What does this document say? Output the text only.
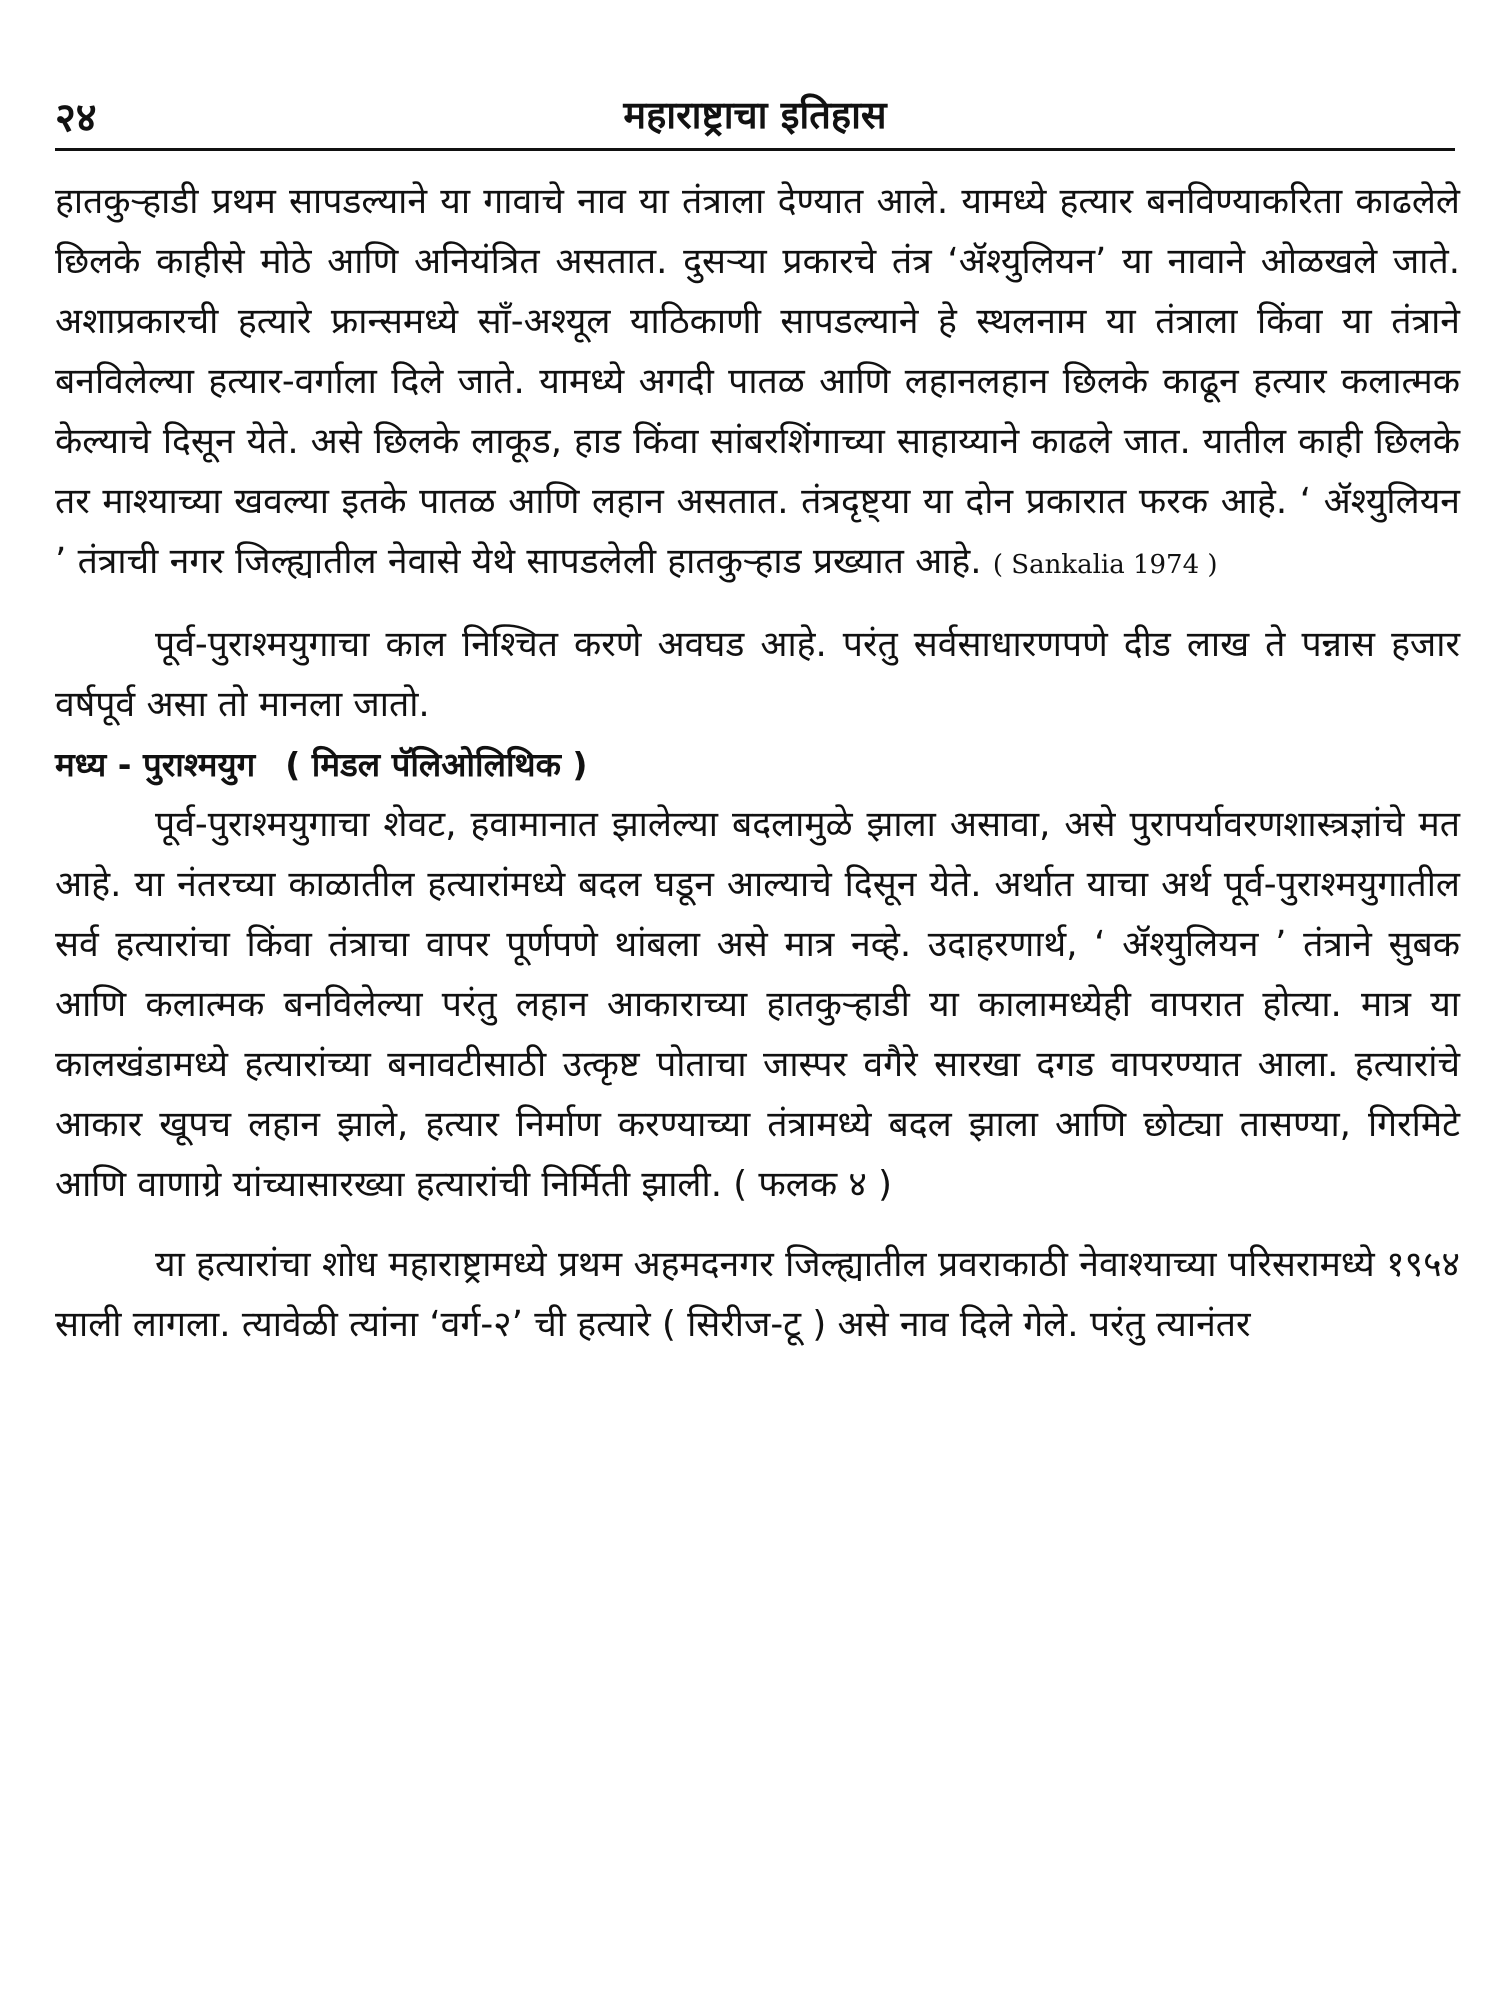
२४	महाराष्ट्राचा इतिहास

हातकुऱ्हाडी प्रथम सापडल्याने या गावाचे नाव या तंत्राला देण्यात आले. यामध्ये हत्यार बनविण्याकरिता काढलेले छिलके काहीसे मोठे आणि अनियंत्रित असतात. दुसऱ्या प्रकारचे तंत्र ‘ॲश्युलियन’ या नावाने ओळखले जाते. अशाप्रकारची हत्यारे फ्रान्समध्ये सॉं-अश्यूल याठिकाणी सापडल्याने हे स्थलनाम या तंत्राला किंवा या तंत्राने बनविलेल्या हत्यार-वर्गाला दिले जाते. यामध्ये अगदी पातळ आणि लहानलहान छिलके काढून हत्यार कलात्मक केल्याचे दिसून येते. असे छिलके लाकूड, हाड किंवा सांबरशिंगाच्या साहाय्याने काढले जात. यातील काही छिलके तर माश्याच्या खवल्या इतके पातळ आणि लहान असतात. तंत्रदृष्ट्या या दोन प्रकारात फरक आहे. ‘ ॲश्युलियन ’ तंत्राची नगर जिल्ह्यातील नेवासे येथे सापडलेली हातकुऱ्हाड प्रख्यात आहे. ( Sankalia 1974 )

पूर्व-पुराश्मयुगाचा काल निश्चित करणे अवघड आहे. परंतु सर्वसाधारणपणे दीड लाख ते पन्नास हजार वर्षपूर्व असा तो मानला जातो.

मध्य - पुराश्मयुग ( मिडल पॅलिओलिथिक )

पूर्व-पुराश्मयुगाचा शेवट, हवामानात झालेल्या बदलामुळे झाला असावा, असे पुरापर्यावरणशास्त्रज्ञांचे मत आहे. या नंतरच्या काळातील हत्यारांमध्ये बदल घडून आल्याचे दिसून येते. अर्थात याचा अर्थ पूर्व-पुराश्मयुगातील सर्व हत्यारांचा किंवा तंत्राचा वापर पूर्णपणे थांबला असे मात्र नव्हे. उदाहरणार्थ, ‘ ॲश्युलियन ’ तंत्राने सुबक आणि कलात्मक बनविलेल्या परंतु लहान आकाराच्या हातकुऱ्हाडी या कालामध्येही वापरात होत्या. मात्र या कालखंडामध्ये हत्यारांच्या बनावटीसाठी उत्कृष्ट पोताचा जास्पर वगैरे सारखा दगड वापरण्यात आला. हत्यारांचे आकार खूपच लहान झाले, हत्यार निर्माण करण्याच्या तंत्रामध्ये बदल झाला आणि छोट्या तासण्या, गिरमिटे आणि वाणाग्रे यांच्यासारख्या हत्यारांची निर्मिती झाली. ( फलक ४ )

या हत्यारांचा शोध महाराष्ट्रामध्ये प्रथम अहमदनगर जिल्ह्यातील प्रवराकाठी नेवाश्याच्या परिसरामध्ये १९५४ साली लागला. त्यावेळी त्यांना ‘वर्ग-२’ ची हत्यारे ( सिरीज-टू ) असे नाव दिले गेले. परंतु त्यानंतर
